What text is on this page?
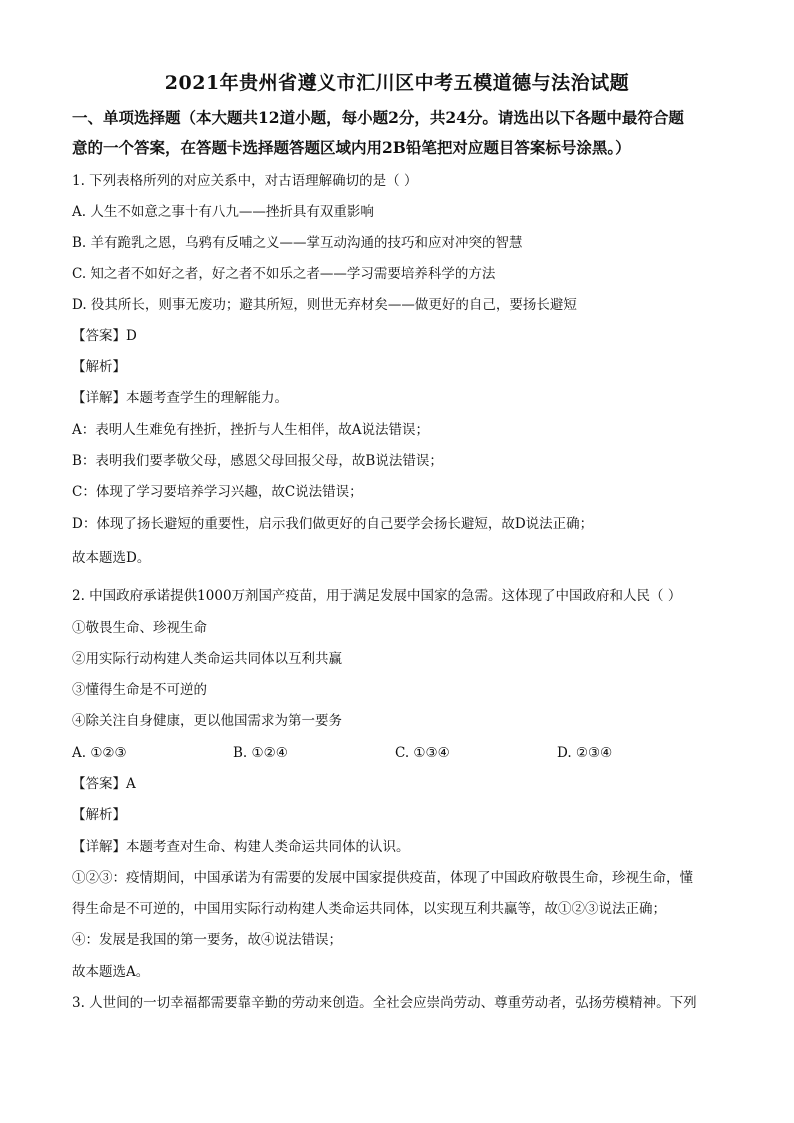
2021年贵州省遵义市汇川区中考五模道德与法治试题
一、单项选择题（本大题共12道小题，每小题2分，共24分。请选出以下各题中最符合题
意的一个答案，在答题卡选择题答题区域内用2B铅笔把对应题目答案标号涂黑。）
1. 下列表格所列的对应关系中，对古语理解确切的是（ ）
A. 人生不如意之事十有八九——挫折具有双重影响
B. 羊有跪乳之恩，乌鸦有反哺之义——掌互动沟通的技巧和应对冲突的智慧
C. 知之者不如好之者，好之者不如乐之者——学习需要培养科学的方法
D. 役其所长，则事无废功；避其所短，则世无弃材矣——做更好的自己，要扬长避短
【答案】D
【解析】
【详解】本题考查学生的理解能力。
A：表明人生难免有挫折，挫折与人生相伴，故A说法错误；
B：表明我们要孝敬父母，感恩父母回报父母，故B说法错误；
C：体现了学习要培养学习兴趣，故C说法错误；
D：体现了扬长避短的重要性，启示我们做更好的自己要学会扬长避短，故D说法正确；
故本题选D。
2. 中国政府承诺提供1000万剂国产疫苗，用于满足发展中国家的急需。这体现了中国政府和人民（ ）
①敬畏生命、珍视生命
②用实际行动构建人类命运共同体以互利共赢
③懂得生命是不可逆的
④除关注自身健康，更以他国需求为第一要务
A. ①②③	B. ①②④	C. ①③④	D. ②③④
【答案】A
【解析】
【详解】本题考查对生命、构建人类命运共同体的认识。
①②③：疫情期间，中国承诺为有需要的发展中国家提供疫苗，体现了中国政府敬畏生命，珍视生命，懂
得生命是不可逆的，中国用实际行动构建人类命运共同体，以实现互利共赢等，故①②③说法正确；
④：发展是我国的第一要务，故④说法错误；
故本题选A。
3. 人世间的一切幸福都需要靠辛勤的劳动来创造。全社会应崇尚劳动、尊重劳动者，弘扬劳模精神。下列
